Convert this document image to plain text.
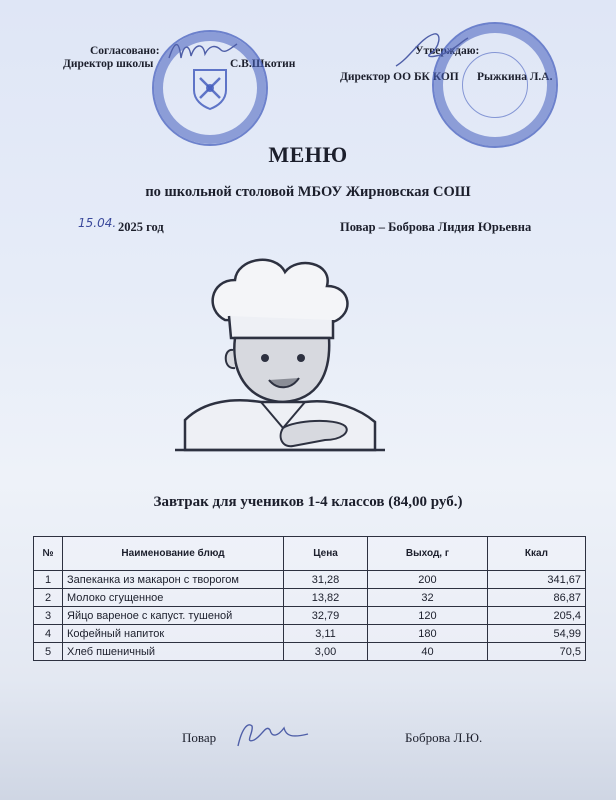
Согласовано:
Директор школы	С.В.Шкотин
Утверждаю:
Директор ОО БК КОП Рыжкина Л.А.
МЕНЮ
по школьной столовой МБОУ Жирновская СОШ
15.04. 2025 год	Повар – Боброва Лидия Юрьевна
Завтрак для учеников 1-4 классов (84,00 руб.)
№	Наименование блюд	Цена	Выход, г	Ккал
1	Запеканка из макарон с творогом	31,28	200	341,67
2	Молоко сгущенное	13,82	32	86,87
3	Яйцо вареное с капуст. тушеной	32,79	120	205,4
4	Кофейный напиток	3,11	180	54,99
5	Хлеб пшеничный	3,00	40	70,5
Повар	Боброва Л.Ю.
